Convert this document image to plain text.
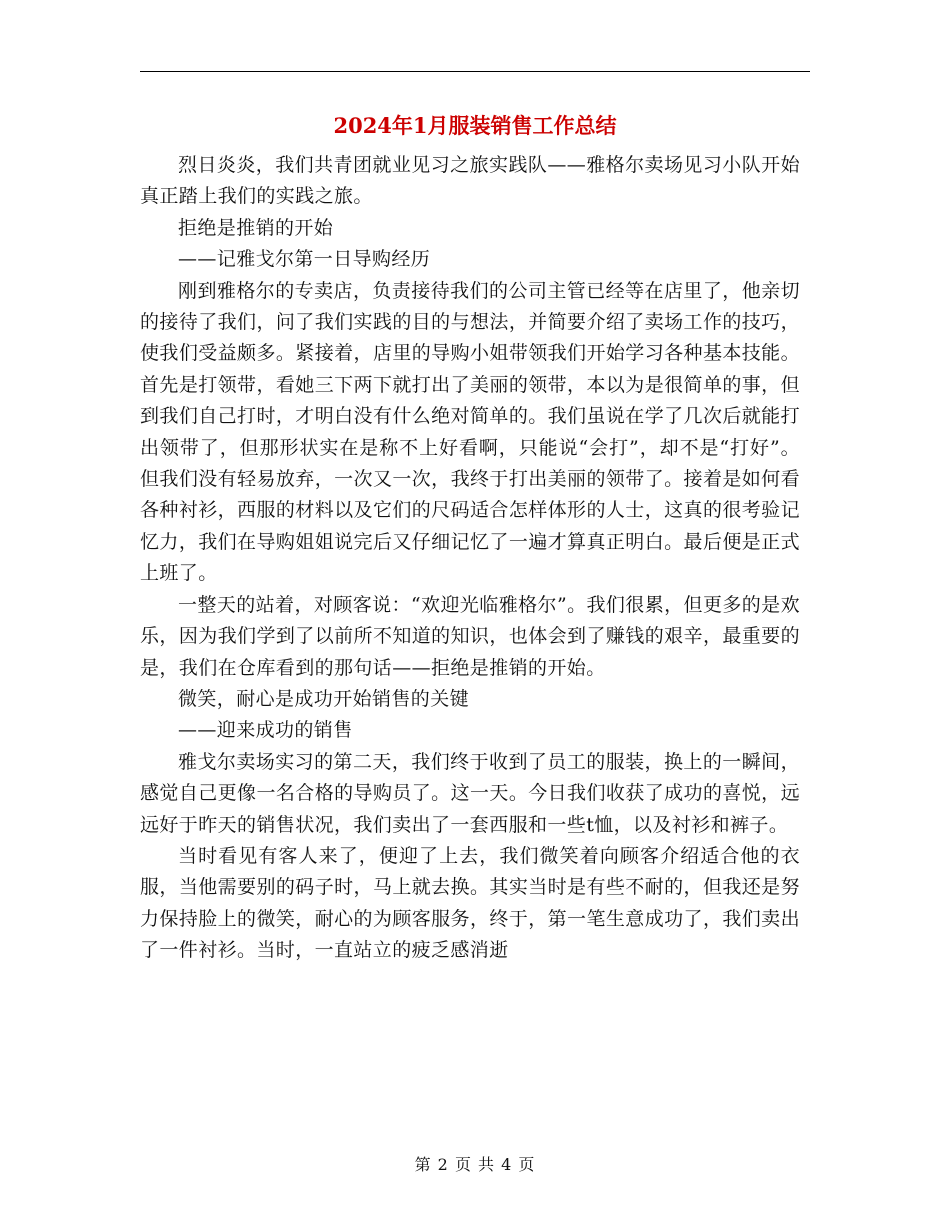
2024年1月服装销售工作总结

烈日炎炎，我们共青团就业见习之旅实践队——雅格尔卖场见习小队开始真正踏上我们的实践之旅。

拒绝是推销的开始

——记雅戈尔第一日导购经历

刚到雅格尔的专卖店，负责接待我们的公司主管已经等在店里了，他亲切的接待了我们，问了我们实践的目的与想法，并简要介绍了卖场工作的技巧，使我们受益颇多。紧接着，店里的导购小姐带领我们开始学习各种基本技能。首先是打领带，看她三下两下就打出了美丽的领带，本以为是很简单的事，但到我们自己打时，才明白没有什么绝对简单的。我们虽说在学了几次后就能打出领带了，但那形状实在是称不上好看啊，只能说“会打”，却不是“打好”。但我们没有轻易放弃，一次又一次，我终于打出美丽的领带了。接着是如何看各种衬衫，西服的材料以及它们的尺码适合怎样体形的人士，这真的很考验记忆力，我们在导购姐姐说完后又仔细记忆了一遍才算真正明白。最后便是正式上班了。

一整天的站着，对顾客说：“欢迎光临雅格尔”。我们很累，但更多的是欢乐，因为我们学到了以前所不知道的知识，也体会到了赚钱的艰辛，最重要的是，我们在仓库看到的那句话——拒绝是推销的开始。

微笑，耐心是成功开始销售的关键

——迎来成功的销售

雅戈尔卖场实习的第二天，我们终于收到了员工的服装，换上的一瞬间，感觉自己更像一名合格的导购员了。这一天。今日我们收获了成功的喜悦，远远好于昨天的销售状况，我们卖出了一套西服和一些t恤，以及衬衫和裤子。

当时看见有客人来了，便迎了上去，我们微笑着向顾客介绍适合他的衣服，当他需要别的码子时，马上就去换。其实当时是有些不耐的，但我还是努力保持脸上的微笑，耐心的为顾客服务，终于，第一笔生意成功了，我们卖出了一件衬衫。当时，一直站立的疲乏感消逝

第 2 页 共 4 页
